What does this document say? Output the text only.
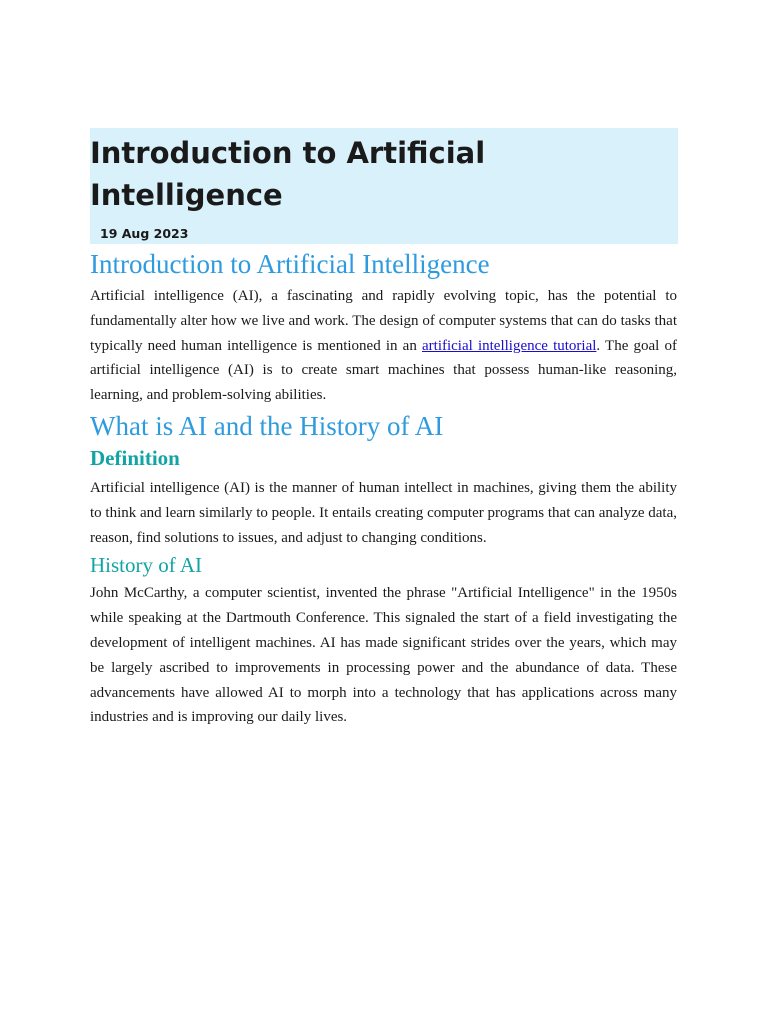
Introduction to Artificial Intelligence
19 Aug 2023
Introduction to Artificial Intelligence

Artificial intelligence (AI), a fascinating and rapidly evolving topic, has the potential to fundamentally alter how we live and work. The design of computer systems that can do tasks that typically need human intelligence is mentioned in an artificial intelligence tutorial. The goal of artificial intelligence (AI) is to create smart machines that possess human-like reasoning, learning, and problem-solving abilities.

What is AI and the History of AI
Definition

Artificial intelligence (AI) is the manner of human intellect in machines, giving them the ability to think and learn similarly to people. It entails creating computer programs that can analyze data, reason, find solutions to issues, and adjust to changing conditions.

History of AI

John McCarthy, a computer scientist, invented the phrase "Artificial Intelligence" in the 1950s while speaking at the Dartmouth Conference. This signaled the start of a field investigating the development of intelligent machines. AI has made significant strides over the years, which may be largely ascribed to improvements in processing power and the abundance of data. These advancements have allowed AI to morph into a technology that has applications across many industries and is improving our daily lives.
